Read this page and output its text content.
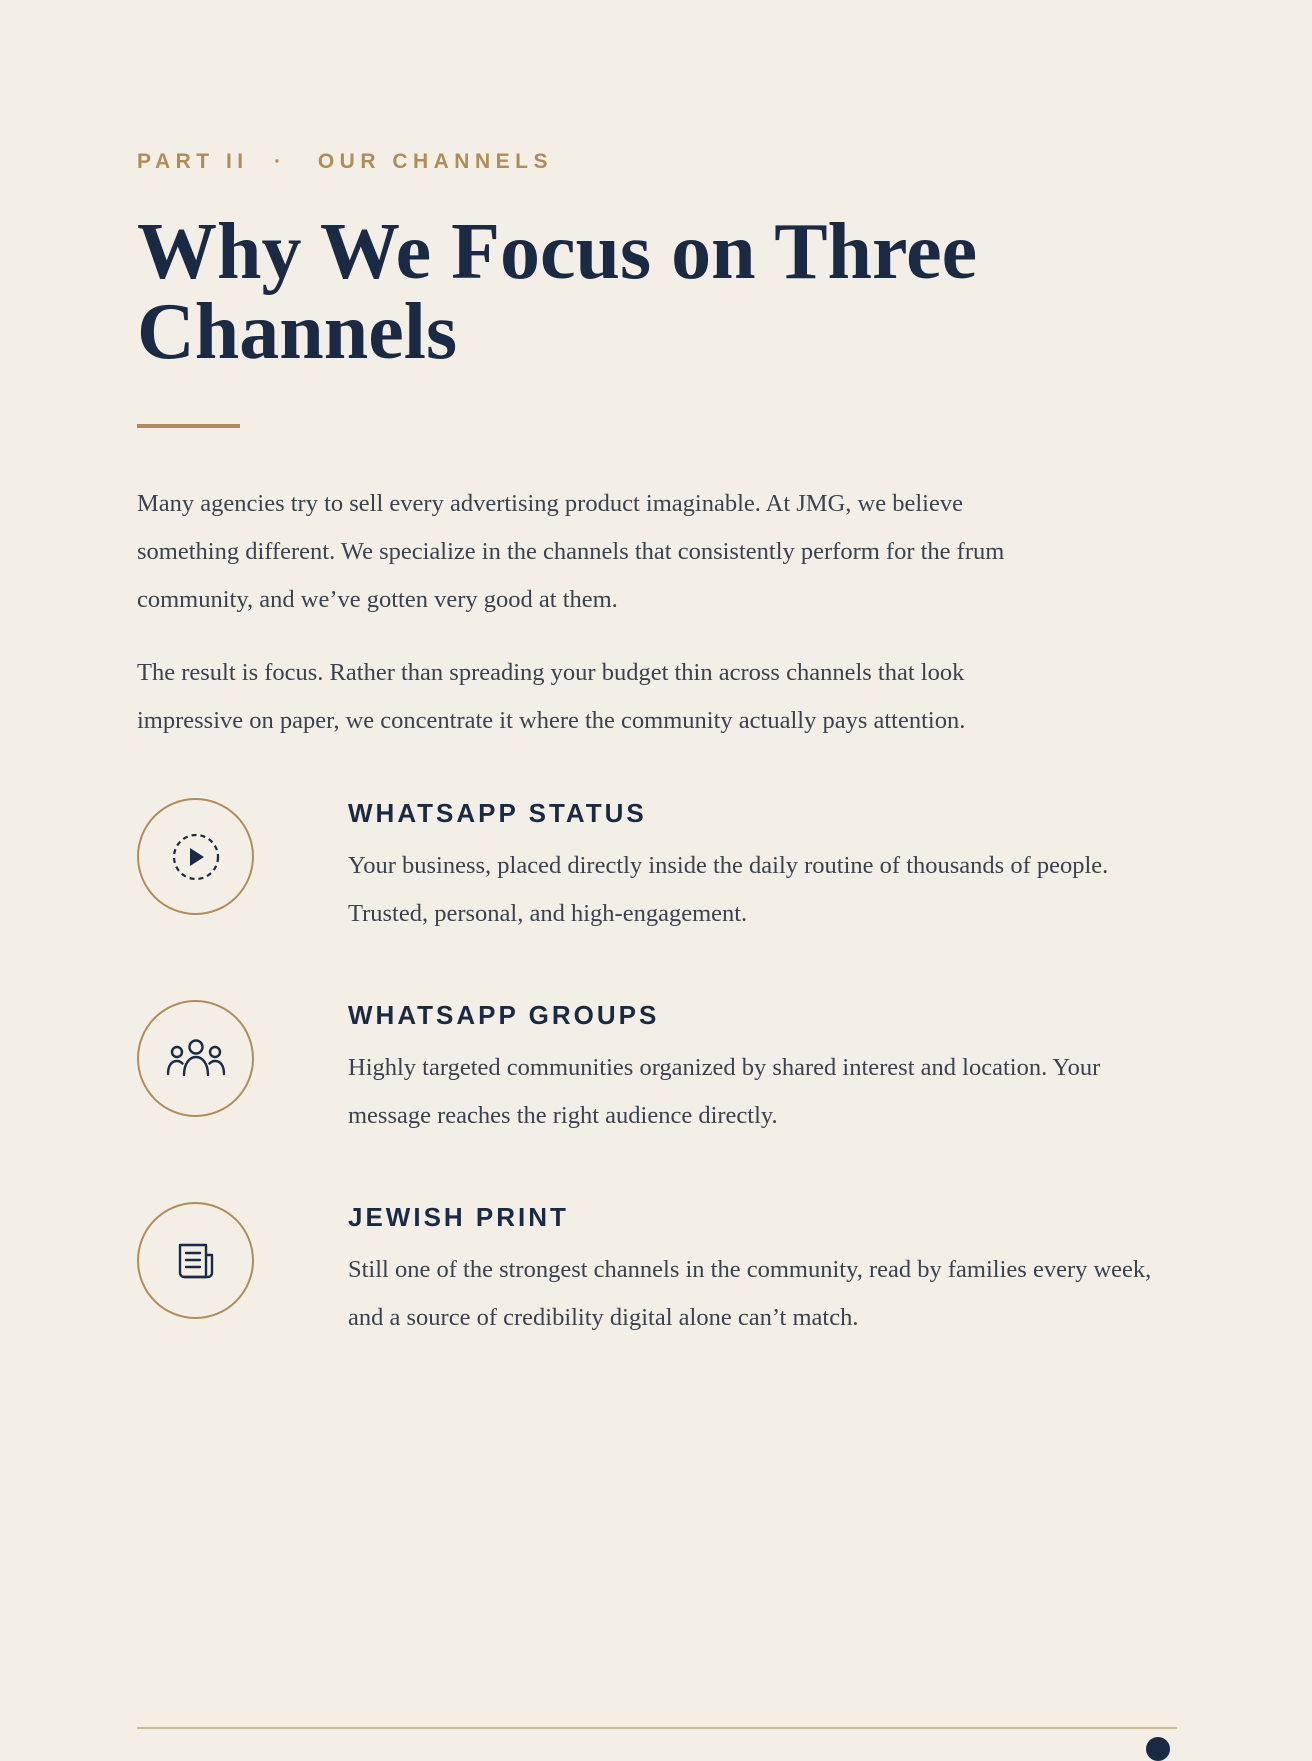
PART II · OUR CHANNELS
Why We Focus on Three Channels

Many agencies try to sell every advertising product imaginable. At JMG, we believe something different. We specialize in the channels that consistently perform for the frum community, and we’ve gotten very good at them.

The result is focus. Rather than spreading your budget thin across channels that look impressive on paper, we concentrate it where the community actually pays attention.

WHATSAPP STATUS

Your business, placed directly inside the daily routine of thousands of people. Trusted, personal, and high-engagement.

WHATSAPP GROUPS

Highly targeted communities organized by shared interest and location. Your message reaches the right audience directly.

JEWISH PRINT

Still one of the strongest channels in the community, read by families every week, and a source of credibility digital alone can’t match.
